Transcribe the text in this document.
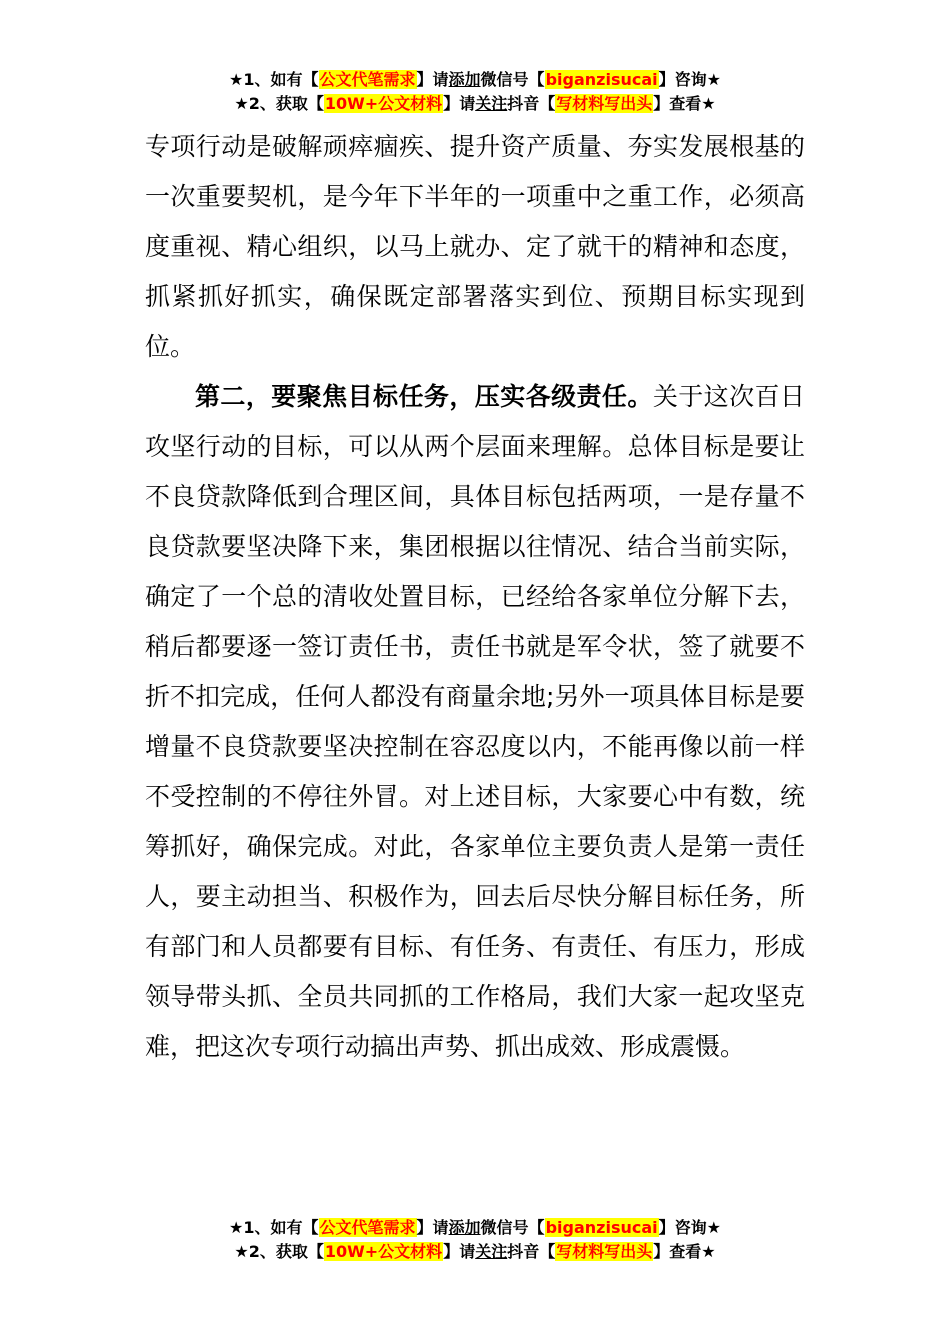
★1、如有【公文代笔需求】请添加微信号【biganzisucai】咨询★
★2、获取【10W+公文材料】请关注抖音【写材料写出头】查看★

专项行动是破解顽瘁痼疾、提升资产质量、夯实发展根基的一次重要契机，是今年下半年的一项重中之重工作，必须高度重视、精心组织，以马上就办、定了就干的精神和态度，抓紧抓好抓实，确保既定部署落实到位、预期目标实现到位。

第二，要聚焦目标任务，压实各级责任。关于这次百日攻坚行动的目标，可以从两个层面来理解。总体目标是要让不良贷款降低到合理区间，具体目标包括两项，一是存量不良贷款要坚决降下来，集团根据以往情况、结合当前实际，确定了一个总的清收处置目标，已经给各家单位分解下去，稍后都要逐一签订责任书，责任书就是军令状，签了就要不折不扣完成，任何人都没有商量余地;另外一项具体目标是要增量不良贷款要坚决控制在容忍度以内，不能再像以前一样不受控制的不停往外冒。对上述目标，大家要心中有数，统筹抓好，确保完成。对此，各家单位主要负责人是第一责任人，要主动担当、积极作为，回去后尽快分解目标任务，所有部门和人员都要有目标、有任务、有责任、有压力，形成领导带头抓、全员共同抓的工作格局，我们大家一起攻坚克难，把这次专项行动搞出声势、抓出成效、形成震慑。

★1、如有【公文代笔需求】请添加微信号【biganzisucai】咨询★
★2、获取【10W+公文材料】请关注抖音【写材料写出头】查看★
